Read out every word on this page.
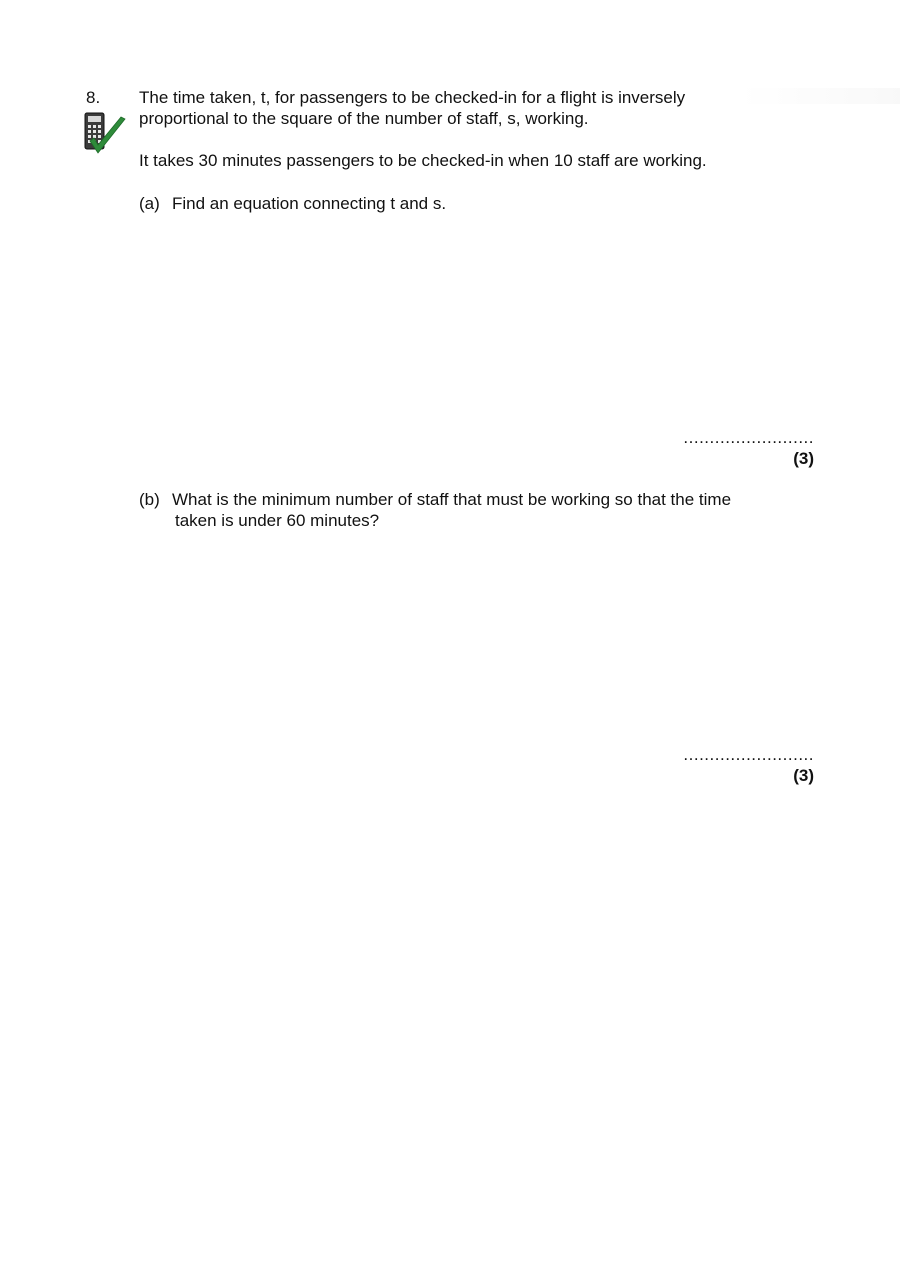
8. The time taken, t, for passengers to be checked-in for a flight is inversely
proportional to the square of the number of staff, s, working.
It takes 30 minutes passengers to be checked-in when 10 staff are working.
(a) Find an equation connecting t and s.
.........................
(3)
(b) What is the minimum number of staff that must be working so that the time
taken is under 60 minutes?
.........................
(3)
